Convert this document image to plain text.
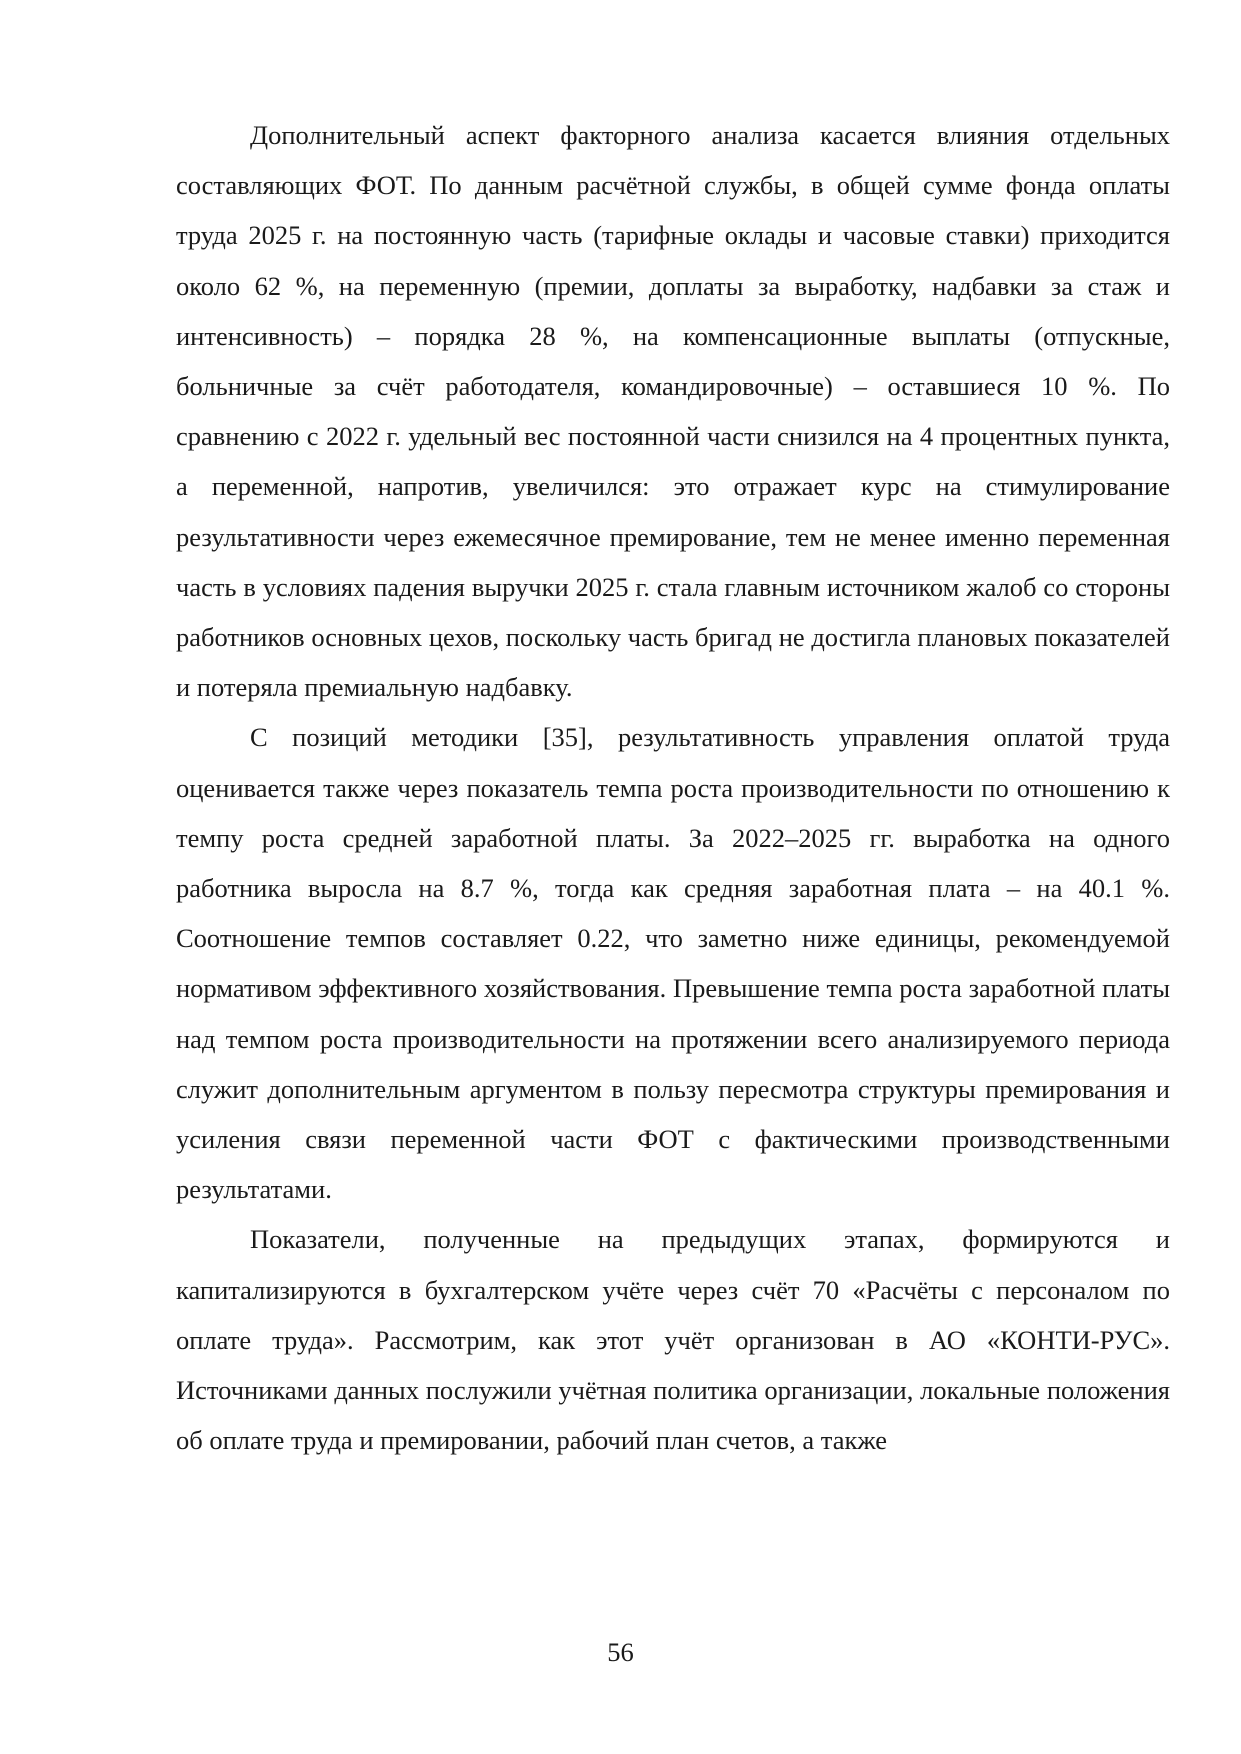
Дополнительный аспект факторного анализа касается влияния отдельных составляющих ФОТ. По данным расчётной службы, в общей сумме фонда оплаты труда 2025 г. на постоянную часть (тарифные оклады и часовые ставки) приходится около 62 %, на переменную (премии, доплаты за выработку, надбавки за стаж и интенсивность) – порядка 28 %, на компенсационные выплаты (отпускные, больничные за счёт работодателя, командировочные) – оставшиеся 10 %. По сравнению с 2022 г. удельный вес постоянной части снизился на 4 процентных пункта, а переменной, напротив, увеличился: это отражает курс на стимулирование результативности через ежемесячное премирование, тем не менее именно переменная часть в условиях падения выручки 2025 г. стала главным источником жалоб со стороны работников основных цехов, поскольку часть бригад не достигла плановых показателей и потеряла премиальную надбавку.

С позиций методики [35], результативность управления оплатой труда оценивается также через показатель темпа роста производительности по отношению к темпу роста средней заработной платы. За 2022–2025 гг. выработка на одного работника выросла на 8.7 %, тогда как средняя заработная плата – на 40.1 %. Соотношение темпов составляет 0.22, что заметно ниже единицы, рекомендуемой нормативом эффективного хозяйствования. Превышение темпа роста заработной платы над темпом роста производительности на протяжении всего анализируемого периода служит дополнительным аргументом в пользу пересмотра структуры премирования и усиления связи переменной части ФОТ с фактическими производственными результатами.

Показатели, полученные на предыдущих этапах, формируются и капитализируются в бухгалтерском учёте через счёт 70 «Расчёты с персоналом по оплате труда». Рассмотрим, как этот учёт организован в АО «КОНТИ-РУС». Источниками данных послужили учётная политика организации, локальные положения об оплате труда и премировании, рабочий план счетов, а также

56
